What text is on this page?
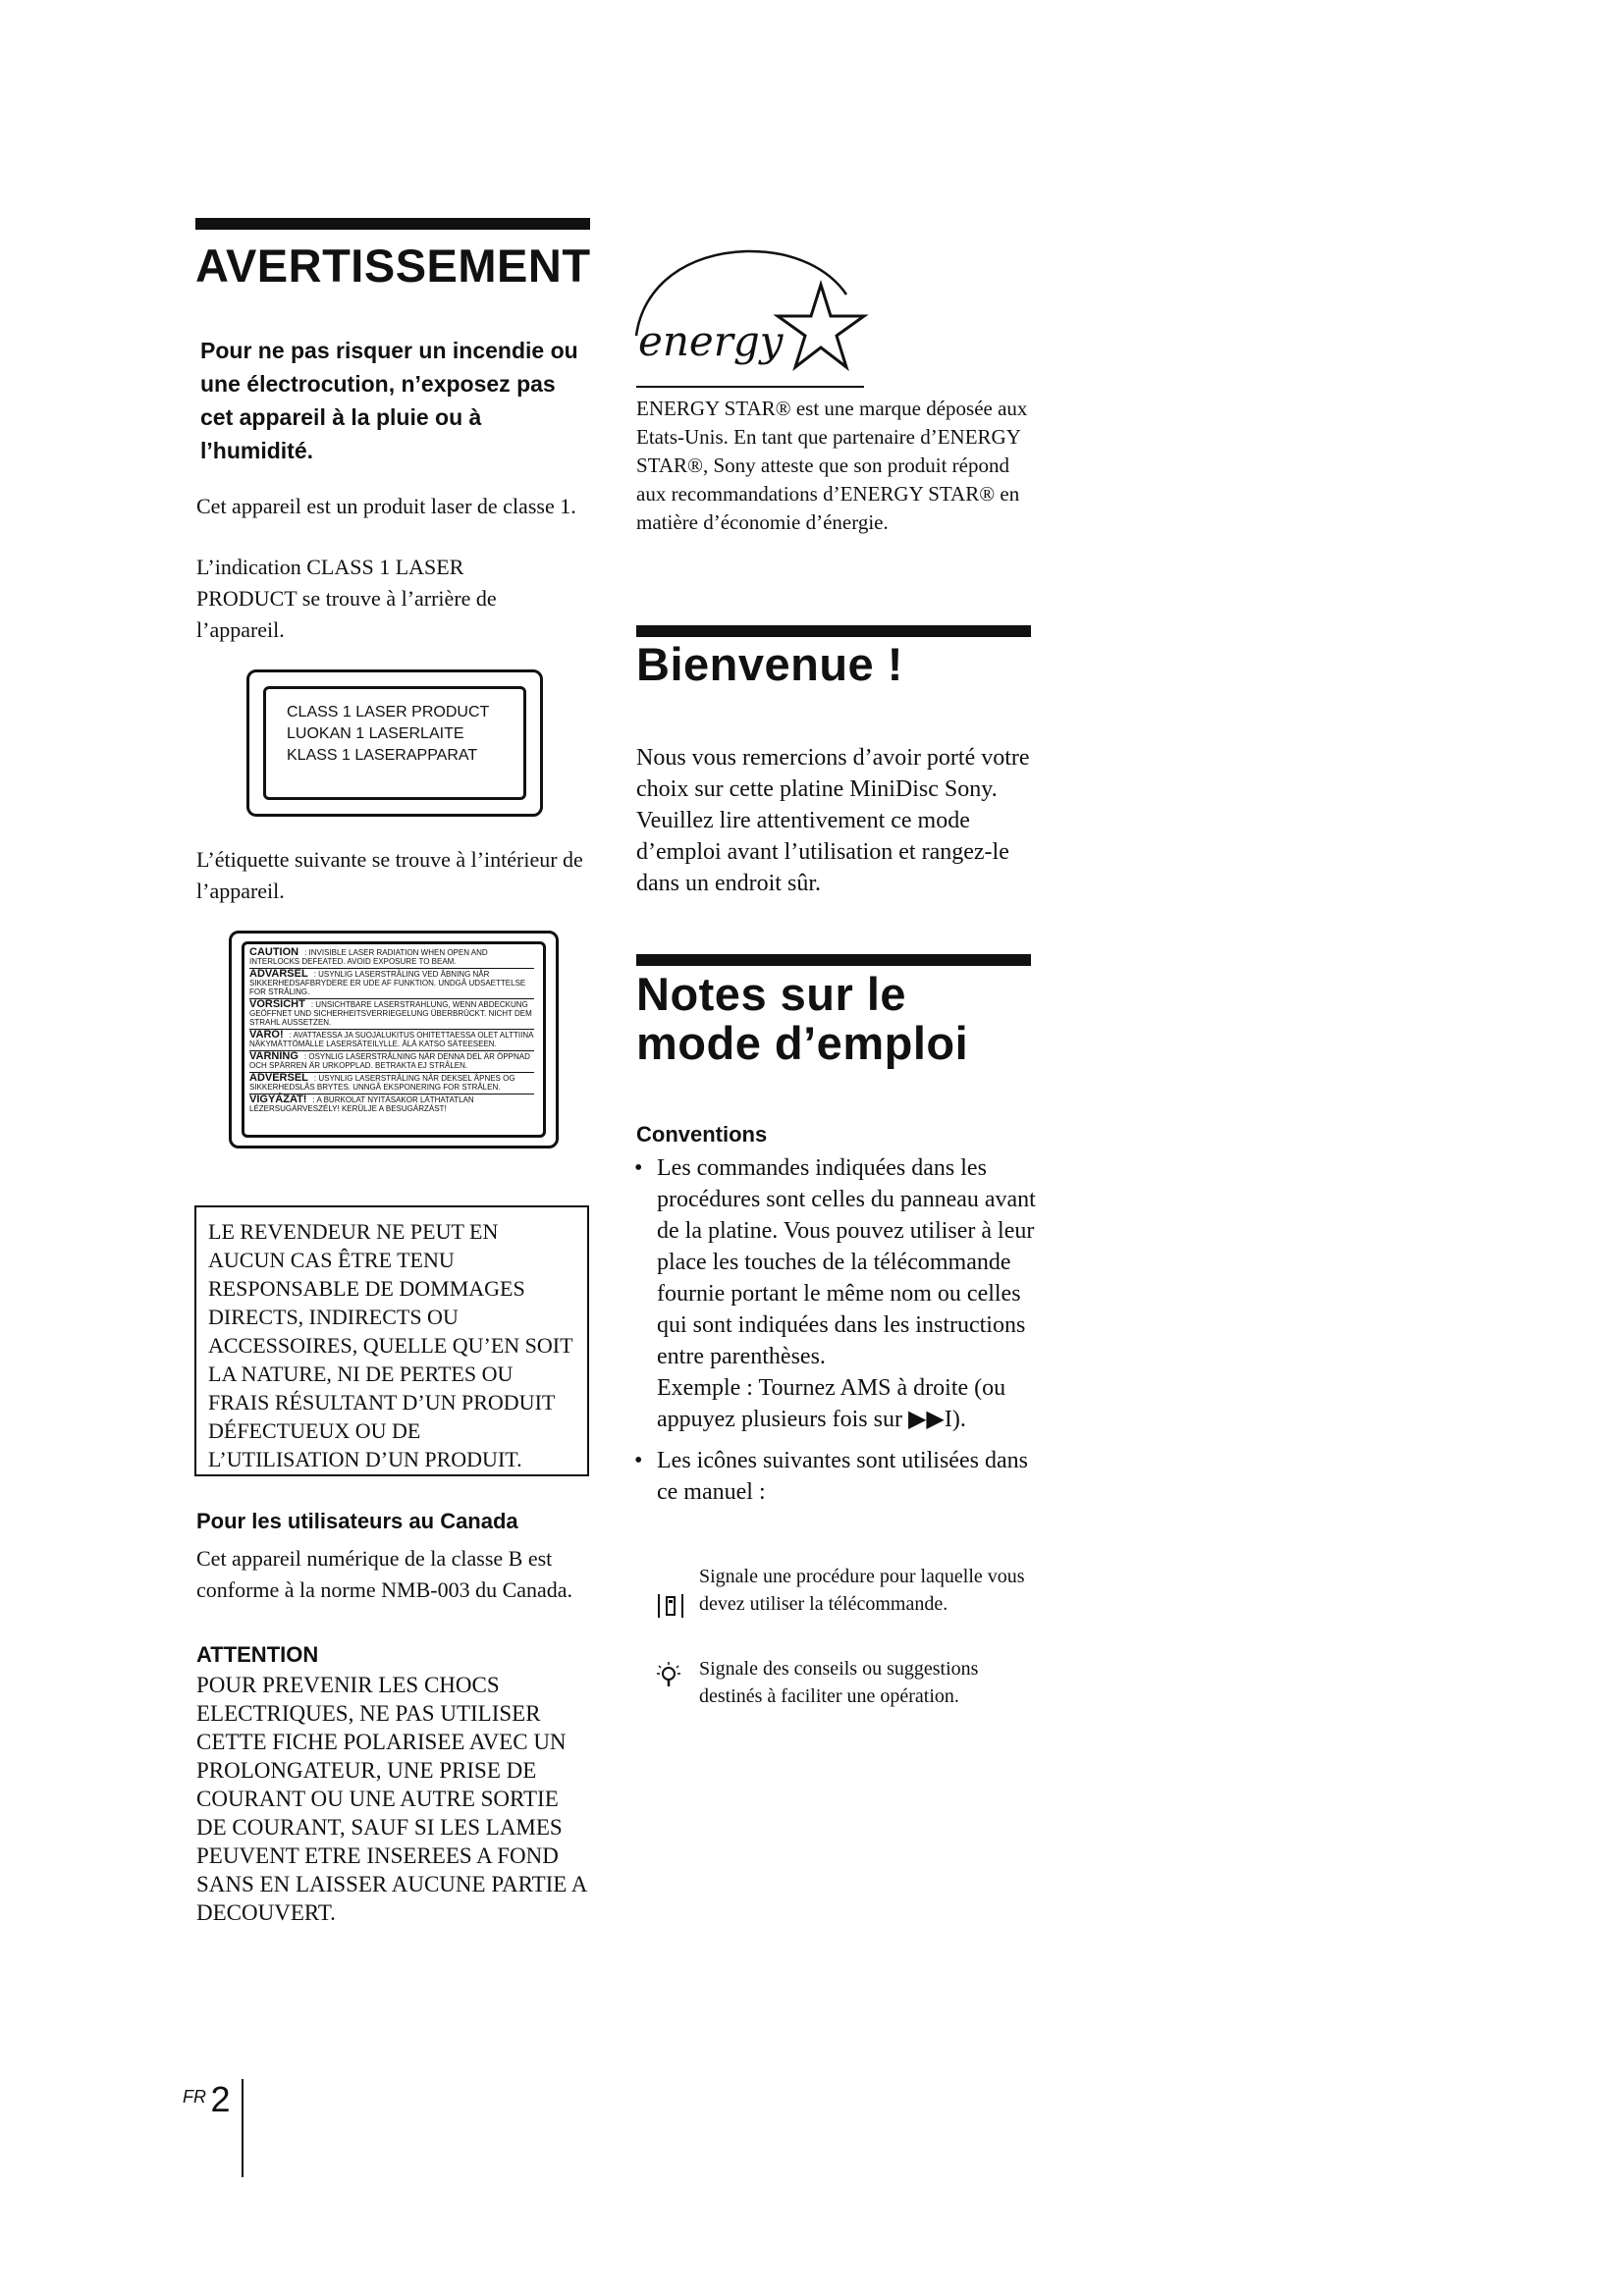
AVERTISSEMENT
Pour ne pas risquer un incendie ou une électrocution, n’exposez pas cet appareil à la pluie ou à l’humidité.
Cet appareil est un produit laser de classe 1.
L’indication CLASS 1 LASER PRODUCT se trouve à l’arrière de l’appareil.
CLASS 1 LASER PRODUCT
LUOKAN 1 LASERLAITE
KLASS 1 LASERAPPARAT
L’étiquette suivante se trouve à l’intérieur de l’appareil.
CAUTION : INVISIBLE LASER RADIATION WHEN OPEN AND INTERLOCKS DEFEATED. AVOID EXPOSURE TO BEAM.
ADVARSEL : USYNLIG LASERSTRÅLING VED ÅBNING NÅR SIKKERHEDSAFBRYDERE ER UDE AF FUNKTION. UNDGÅ UDSAETTELSE FOR STRÅLING.
VORSICHT : UNSICHTBARE LASERSTRAHLUNG, WENN ABDECKUNG GEÖFFNET UND SICHERHEITSVERRIEGELUNG ÜBERBRÜCKT. NICHT DEM STRAHL AUSSETZEN.
VARO! : AVATTAESSA JA SUOJALUKITUS OHITETTAESSA OLET ALTTIINA NÄKYMÄTTÖMÄLLE LASERSÄTEILYLLE. ÄLÄ KATSO SÄTEESEEN.
VARNING : OSYNLIG LASERSTRÅLNING NÄR DENNA DEL ÄR ÖPPNAD OCH SPÄRREN ÄR URKOPPLAD. BETRAKTA EJ STRÅLEN.
ADVERSEL : USYNLIG LASERSTRÅLING NÅR DEKSEL ÅPNES OG SIKKERHEDSLÅS BRYTES. UNNGÅ EKSPONERING FOR STRÅLEN.
VIGYÁZAT! : A BURKOLAT NYITÁSAKOR LÁTHATATLAN LÉZERSUGÁRVESZÉLY! KERÜLJE A BESUGÁRZÁST!
LE REVENDEUR NE PEUT EN AUCUN CAS ÊTRE TENU RESPONSABLE DE DOMMAGES DIRECTS, INDIRECTS OU ACCESSOIRES, QUELLE QU’EN SOIT LA NATURE, NI DE PERTES OU FRAIS RÉSULTANT D’UN PRODUIT DÉFECTUEUX OU DE L’UTILISATION D’UN PRODUIT.
Pour les utilisateurs au Canada
Cet appareil numérique de la classe B est conforme à la norme NMB-003 du Canada.
ATTENTION
POUR PREVENIR LES CHOCS ELECTRIQUES, NE PAS UTILISER CETTE FICHE POLARISEE AVEC UN PROLONGATEUR, UNE PRISE DE COURANT OU UNE AUTRE SORTIE DE COURANT, SAUF SI LES LAMES PEUVENT ETRE INSEREES A FOND SANS EN LAISSER AUCUNE PARTIE A DECOUVERT.
energy
ENERGY STAR® est une marque déposée aux Etats-Unis. En tant que partenaire d’ENERGY STAR®, Sony atteste que son produit répond aux recommandations d’ENERGY STAR® en matière d’économie d’énergie.
Bienvenue !
Nous vous remercions d’avoir porté votre choix sur cette platine MiniDisc Sony. Veuillez lire attentivement ce mode d’emploi avant l’utilisation et rangez-le dans un endroit sûr.
Notes sur le
mode d’emploi
Conventions
• Les commandes indiquées dans les procédures sont celles du panneau avant de la platine. Vous pouvez utiliser à leur place les touches de la télécommande fournie portant le même nom ou celles qui sont indiquées dans les instructions entre parenthèses.
Exemple : Tournez AMS à droite (ou appuyez plusieurs fois sur ▶▶I).
• Les icônes suivantes sont utilisées dans ce manuel :
Signale une procédure pour laquelle vous devez utiliser la télécommande.
Signale des conseils ou suggestions destinés à faciliter une opération.
FR 2
